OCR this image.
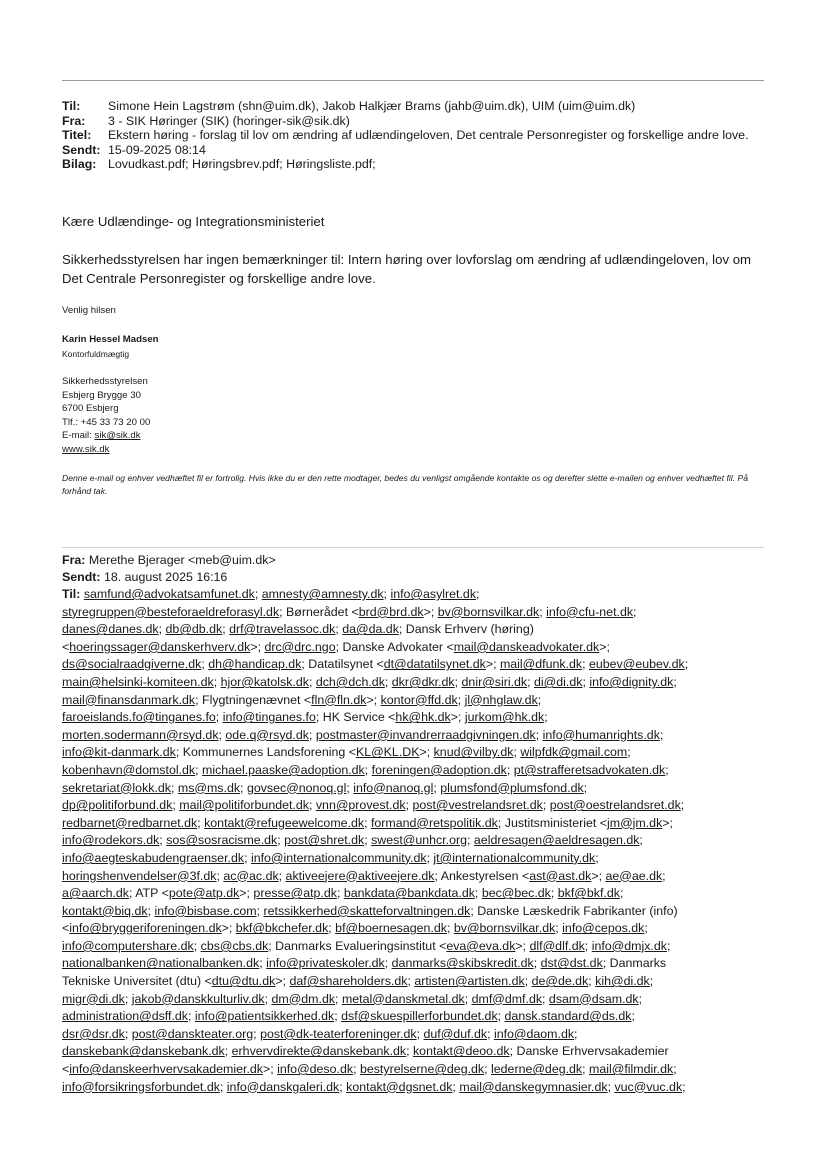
Til:	Simone Hein Lagstrøm (shn@uim.dk), Jakob Halkjær Brams (jahb@uim.dk), UIM (uim@uim.dk)
Fra:	3 - SIK Høringer (SIK) (horinger-sik@sik.dk)
Titel:	Ekstern høring - forslag til lov om ændring af udlændingeloven, Det centrale Personregister og forskellige andre love.
Sendt: 15-09-2025 08:14
Bilag: Lovudkast.pdf; Høringsbrev.pdf; Høringsliste.pdf;
Kære Udlændinge- og Integrationsministeriet
Sikkerhedsstyrelsen har ingen bemærkninger til: Intern høring over lovforslag om ændring af udlændingeloven, lov om Det Centrale Personregister og forskellige andre love.
Venlig hilsen
Karin Hessel Madsen
Kontorfuldmægtig
Sikkerhedsstyrelsen
Esbjerg Brygge 30
6700 Esbjerg
Tlf.: +45 33 73 20 00
E-mail: sik@sik.dk
www.sik.dk
Denne e-mail og enhver vedhæftet fil er fortrolig. Hvis ikke du er den rette modtager, bedes du venligst omgående kontakte os og derefter slette e-mailen og enhver vedhæftet fil. På forhånd tak.
Fra: Merethe Bjerager <meb@uim.dk>
Sendt: 18. august 2025 16:16
Til: samfund@advokatsamfunet.dk; amnesty@amnesty.dk; info@asylret.dk;
styregruppen@besteforaeldreforasyl.dk; Børnerådet <brd@brd.dk>; bv@bornsvilkar.dk; info@cfu-net.dk;
danes@danes.dk; db@db.dk; drf@travelassoc.dk; da@da.dk; Dansk Erhverv (høring)
<hoeringssager@danskerhverv.dk>; drc@drc.ngo; Danske Advokater <mail@danskeadvokater.dk>;
ds@socialraadgiverne.dk; dh@handicap.dk; Datatilsynet <dt@datatilsynet.dk>; mail@dfunk.dk; eubev@eubev.dk;
main@helsinki-komiteen.dk; hjor@katolsk.dk; dch@dch.dk; dkr@dkr.dk; dnir@siri.dk; di@di.dk; info@dignity.dk;
mail@finansdanmark.dk; Flygtningenævnet <fln@fln.dk>; kontor@ffd.dk; jl@nhglaw.dk;
faroeislands.fo@tinganes.fo; info@tinganes.fo; HK Service <hk@hk.dk>; jurkom@hk.dk;
morten.sodermann@rsyd.dk; ode.q@rsyd.dk; postmaster@invandrerraadgivningen.dk; info@humanrights.dk;
info@kit-danmark.dk; Kommunernes Landsforening <KL@KL.DK>; knud@vilby.dk; wilpfdk@gmail.com;
kobenhavn@domstol.dk; michael.paaske@adoption.dk; foreningen@adoption.dk; pt@strafferetsadvokaten.dk;
sekretariat@lokk.dk; ms@ms.dk; govsec@nonoq.gl; info@nanoq.gl; plumsfond@plumsfond.dk;
dp@politiforbund.dk; mail@politiforbundet.dk; vnn@provest.dk; post@vestrelandsret.dk; post@oestrelandsret.dk;
redbarnet@redbarnet.dk; kontakt@refugeewelcome.dk; formand@retspolitik.dk; Justitsministeriet <jm@jm.dk>;
info@rodekors.dk; sos@sosracisme.dk; post@shret.dk; swest@unhcr.org; aeldresagen@aeldresagen.dk;
info@aegteskabudengraenser.dk; info@internationalcommunity.dk; jt@internationalcommunity.dk;
horingshenvendelser@3f.dk; ac@ac.dk; aktiveejere@aktiveejere.dk; Ankestyrelsen <ast@ast.dk>; ae@ae.dk;
a@aarch.dk; ATP <pote@atp.dk>; presse@atp.dk; bankdata@bankdata.dk; bec@bec.dk; bkf@bkf.dk;
kontakt@biq.dk; info@bisbase.com; retssikkerhed@skatteforvaltningen.dk; Danske Læskedrik Fabrikanter (info)
<info@bryggeriforeningen.dk>; bkf@bkchefer.dk; bf@boernesagen.dk; bv@bornsvilkar.dk; info@cepos.dk;
info@computershare.dk; cbs@cbs.dk; Danmarks Evalueringsinstitut <eva@eva.dk>; dlf@dlf.dk; info@dmjx.dk;
nationalbanken@nationalbanken.dk; info@privateskoler.dk; danmarks@skibskredit.dk; dst@dst.dk; Danmarks
Tekniske Universitet (dtu) <dtu@dtu.dk>; daf@shareholders.dk; artisten@artisten.dk; de@de.dk; kih@di.dk;
migr@di.dk; jakob@danskkulturliv.dk; dm@dm.dk; metal@danskmetal.dk; dmf@dmf.dk; dsam@dsam.dk;
administration@dsff.dk; info@patientsikkerhed.dk; dsf@skuespillerforbundet.dk; dansk.standard@ds.dk;
dsr@dsr.dk; post@dansktеater.org; post@dk-teaterforeninger.dk; duf@duf.dk; info@daom.dk;
danskebank@danskebank.dk; erhvervdirekte@danskebank.dk; kontakt@deoo.dk; Danske Erhvervsakademier
<info@danskeerhvervsakademier.dk>; info@deso.dk; bestyrelserne@deg.dk; lederne@deg.dk; mail@filmdir.dk;
info@forsikringsforbundet.dk; info@danskgaleri.dk; kontakt@dgsnet.dk; mail@danskegymnasier.dk; vuc@vuc.dk;
